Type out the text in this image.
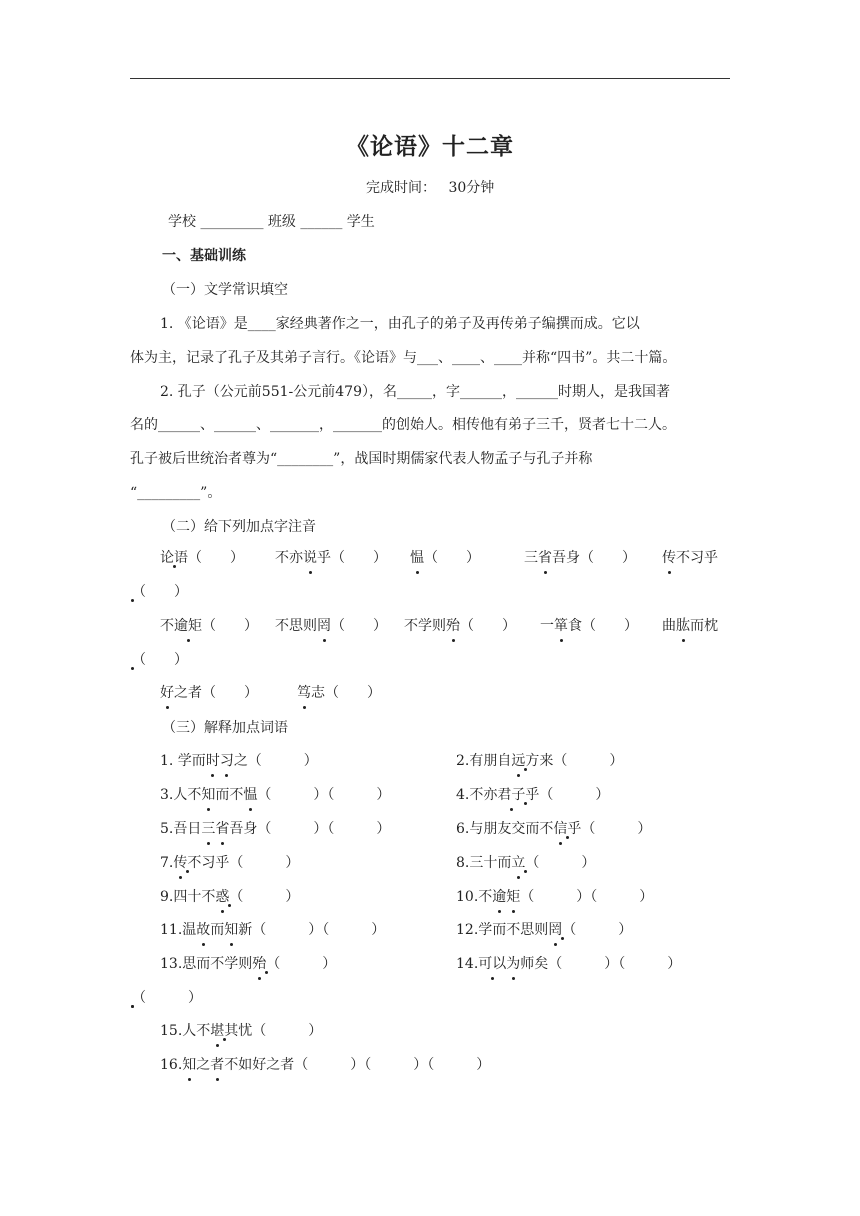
《论语》十二章
完成时间： 30分钟
学校 _________ 班级 ______ 学生
一、基础训练
（一）文学常识填空
1. 《论语》是____家经典著作之一，由孔子的弟子及再传弟子编撰而成。它以
体为主，记录了孔子及其弟子言行。《论语》与___、____、____并称“四书”。共二十篇。
2. 孔子（公元前551-公元前479），名_____，字______，______时期人，是我国著
名的______、______、_______，_______的创始人。相传他有弟子三千，贤者七十二人。
孔子被后世统治者尊为“________”，战国时期儒家代表人物孟子与孔子并称
“_________”。
（二）给下列加点字注音
论语（　　） 不亦说乎（　　） 愠（　　）	三省吾身（　　） 传不习乎
（　　）
不逾矩（　　） 不思则罔（　　） 不学则殆（　　） 一箪食（　　） 曲肱而枕
（　　）
好之者（　　）	笃志（　　）
（三）解释加点词语
1. 学而时习之（　　　）	2.有朋自远方来（　　　）
3.人不知而不愠（　　　）（　　　）	4.不亦君子乎（　　　）
5.吾日三省吾身（　　　）（　　　）	6.与朋友交而不信乎（　　　）
7.传不习乎（　　　）	8.三十而立（　　　）
9.四十不惑（　　　）	10.不逾矩（　　　）（　　　）
11.温故而知新（　　　）（　　　）	12.学而不思则罔（　　　）
13.思而不学则殆（　　　）	14.可以为师矣（　　　）（　　　）
（　　　）
15.人不堪其忧（　　　）
16.知之者不如好之者（　　　）（　　　）（　　　）
